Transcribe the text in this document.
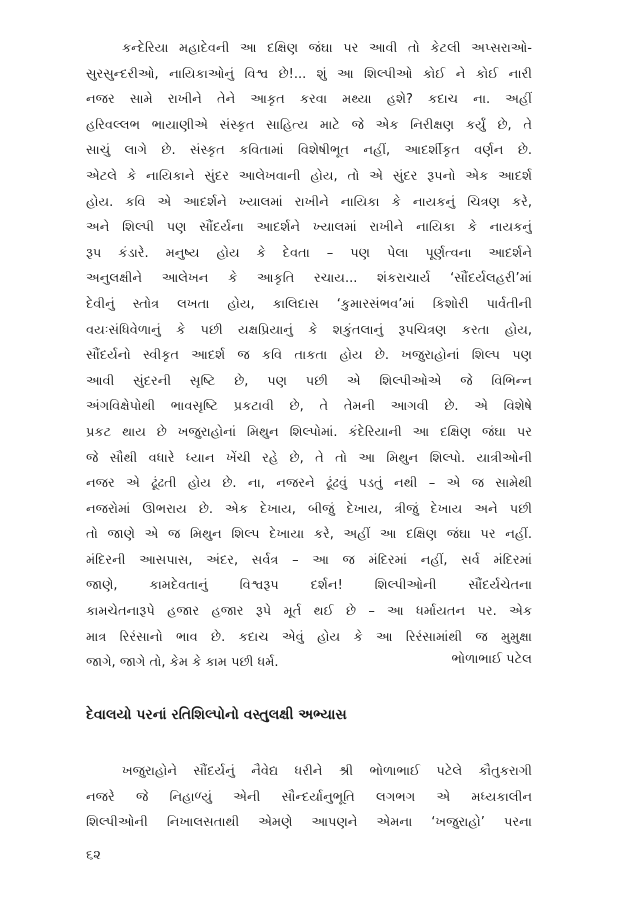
કન્દેરિયા મહાદેવની આ દક્ષિણ જંઘા પર આવી તો કેટલી અપ્સરાઓ-
સુરસુન્દરીઓ, નાયિકાઓનું વિશ્વ છે!... શું આ શિલ્પીઓ કોઈ ને કોઈ નારી
નજર સામે રાખીને તેને આકૃત કરવા મથ્યા હશે? કદાચ ના. અહીં
હરિવલ્લભ ભાયાણીએ સંસ્કૃત સાહિત્ય માટે જે એક નિરીક્ષણ કર્યું છે, તે
સાચું લાગે છે. સંસ્કૃત કવિતામાં વિશેષીભૂત નહીં, આદર્શીકૃત વર્ણન છે.
એટલે કે નાયિકાને સુંદર આલેખવાની હોય, તો એ સુંદર રૂપનો એક આદર્શ
હોય. કવિ એ આદર્શને ખ્યાલમાં રાખીને નાયિકા કે નાયકનું ચિત્રણ કરે,
અને શિલ્પી પણ સૌંદર્યના આદર્શને ખ્યાલમાં રાખીને નાયિકા કે નાયકનું
રૂપ કંડારે. મનુષ્ય હોય કે દેવતા – પણ પેલા પૂર્ણત્વના આદર્શને
અનુલક્ષીને આલેખન કે આકૃતિ રચાય... શંકરાચાર્ય ‘સૌંદર્યલહરી’માં
દેવીનું સ્તોત્ર લખતા હોય, કાલિદાસ ‘કુમારસંભવ’માં કિશોરી પાર્વતીની
વયઃસંધિવેળાનું કે પછી યક્ષપ્રિયાનું કે શકુંતલાનું રૂપચિત્રણ કરતા હોય,
સૌંદર્યનો સ્વીકૃત આદર્શ જ કવિ તાકતા હોય છે. ખજુરાહોનાં શિલ્પ પણ
આવી સુંદરની સૃષ્ટિ છે, પણ પછી એ શિલ્પીઓએ જે વિભિન્ન
અંગવિક્ષેપોથી ભાવસૃષ્ટિ પ્રકટાવી છે, તે તેમની આગવી છે. એ વિશેષે
પ્રકટ થાય છે ખજુરાહોનાં મિથુન શિલ્પોમાં. કંદેરિયાની આ દક્ષિણ જંઘા પર
જે સૌથી વધારે ધ્યાન ખેંચી રહે છે, તે તો આ મિથુન શિલ્પો. યાત્રીઓની
નજર એ ઢૂંઢતી હોય છે. ના, નજરને ઢૂંઢવું પડતું નથી – એ જ સામેથી
નજરોમાં ઊભરાય છે. એક દેખાય, બીજું દેખાય, ત્રીજું દેખાય અને પછી
તો જાણે એ જ મિથુન શિલ્પ દેખાયા કરે, અહીં આ દક્ષિણ જંઘા પર નહીં.
મંદિરની આસપાસ, અંદર, સર્વત્ર – આ જ મંદિરમાં નહીં, સર્વ મંદિરમાં
જાણે, કામદેવતાનું વિશ્વરૂપ દર્શન! શિલ્પીઓની સૌંદર્યચેતના
કામચેતનારૂપે હજાર હજાર રૂપે મૂર્ત થઈ છે – આ ધર્માયતન પર. એક
માત્ર રિરંસાનો ભાવ છે. કદાચ એવું હોય કે આ રિરંસામાંથી જ મુમુક્ષા
જાગે, જાગે તો, કેમ કે કામ પછી ધર્મ.	ભોળાભાઈ પટેલ

દેવાલયો પરનાં રતિશિલ્પોનો વસ્તુલક્ષી અભ્યાસ
ખજુરાહોને સૌંદર્યનું નૈવેદ્ય ધરીને શ્રી ભોળાભાઈ પટેલે કૌતુકરાગી
નજરે જે નિહાળ્યું એની સૌન્દર્યાનુભૂતિ લગભગ એ મધ્યકાલીન
શિલ્પીઓની નિખાલસતાથી એમણે આપણને એમના ‘ખજુરાહો’ પરના

૬૨
